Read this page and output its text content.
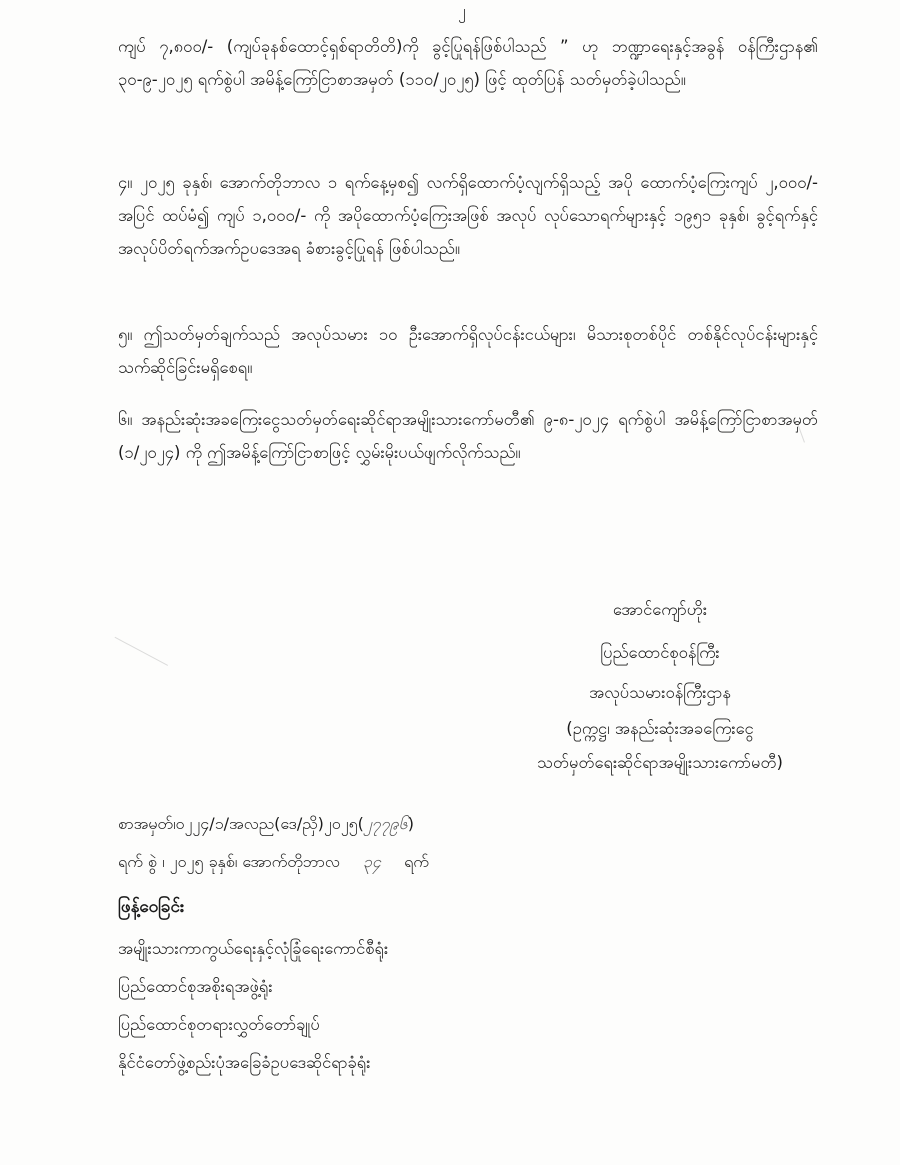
၂

ကျပ် ၇,၈၀၀/- (ကျပ်ခုနစ်ထောင့်ရှစ်ရာတိတိ)ကို ခွင့်ပြုရန်ဖြစ်ပါသည် ” ဟု ဘဏ္ဍာရေးနှင့်အခွန် ဝန်ကြီးဌာန၏ ၃၀-၉-၂၀၂၅ ရက်စွဲပါ အမိန့်ကြော်ငြာစာအမှတ် (၁၁၀/၂၀၂၅) ဖြင့် ထုတ်ပြန် သတ်မှတ်ခဲ့ပါသည်။

၄။ ၂၀၂၅ ခုနှစ်၊ အောက်တိုဘာလ ၁ ရက်နေ့မှစ၍ လက်ရှိထောက်ပံ့လျက်ရှိသည့် အပို ထောက်ပံ့ကြေးကျပ် ၂,၀၀၀/- အပြင် ထပ်မံ၍ ကျပ် ၁,၀၀၀/- ကို အပိုထောက်ပံ့ကြေးအဖြစ် အလုပ် လုပ်သောရက်များနှင့် ၁၉၅၁ ခုနှစ်၊ ခွင့်ရက်နှင့် အလုပ်ပိတ်ရက်အက်ဥပဒေအရ ခံစားခွင့်ပြုရန် ဖြစ်ပါသည်။

၅။ ဤသတ်မှတ်ချက်သည် အလုပ်သမား ၁၀ ဦးအောက်ရှိလုပ်ငန်းငယ်များ၊ မိသားစုတစ်ပိုင် တစ်နိုင်လုပ်ငန်းများနှင့်သက်ဆိုင်ခြင်းမရှိစေရ။

၆။ အနည်းဆုံးအခကြေးငွေသတ်မှတ်ရေးဆိုင်ရာအမျိုးသားကော်မတီ၏ ၉-၈-၂၀၂၄ ရက်စွဲပါ အမိန့်ကြော်ငြာစာအမှတ် (၁/၂၀၂၄) ကို ဤအမိန့်ကြော်ငြာစာဖြင့် လွှမ်းမိုးပယ်ဖျက်လိုက်သည်။

အောင်ကျော်ဟိုး
ပြည်ထောင်စုဝန်ကြီး
အလုပ်သမားဝန်ကြီးဌာန
(ဥက္ကဋ္ဌ၊ အနည်းဆုံးအခကြေးငွေ
သတ်မှတ်ရေးဆိုင်ရာအမျိုးသားကော်မတီ)
စာအမှတ်၊၀၂၂၄/၁/အလည(ဒေ/ညှိ)၂၀၂၅(၂၇၇၉၆)
ရက် စွဲ ၊ ၂၀၂၅ ခုနှစ်၊ အောက်တိုဘာလ ၃၄ ရက်
ဖြန့်ဝေခြင်း
အမျိုးသားကာကွယ်ရေးနှင့်လုံခြုံရေးကောင်စီရုံး
ပြည်ထောင်စုအစိုးရအဖွဲ့ရုံး
ပြည်ထောင်စုတရားလွှတ်တော်ချုပ်
နိုင်ငံတော်ဖွဲ့စည်းပုံအခြေခံဥပဒေဆိုင်ရာခုံရုံး
